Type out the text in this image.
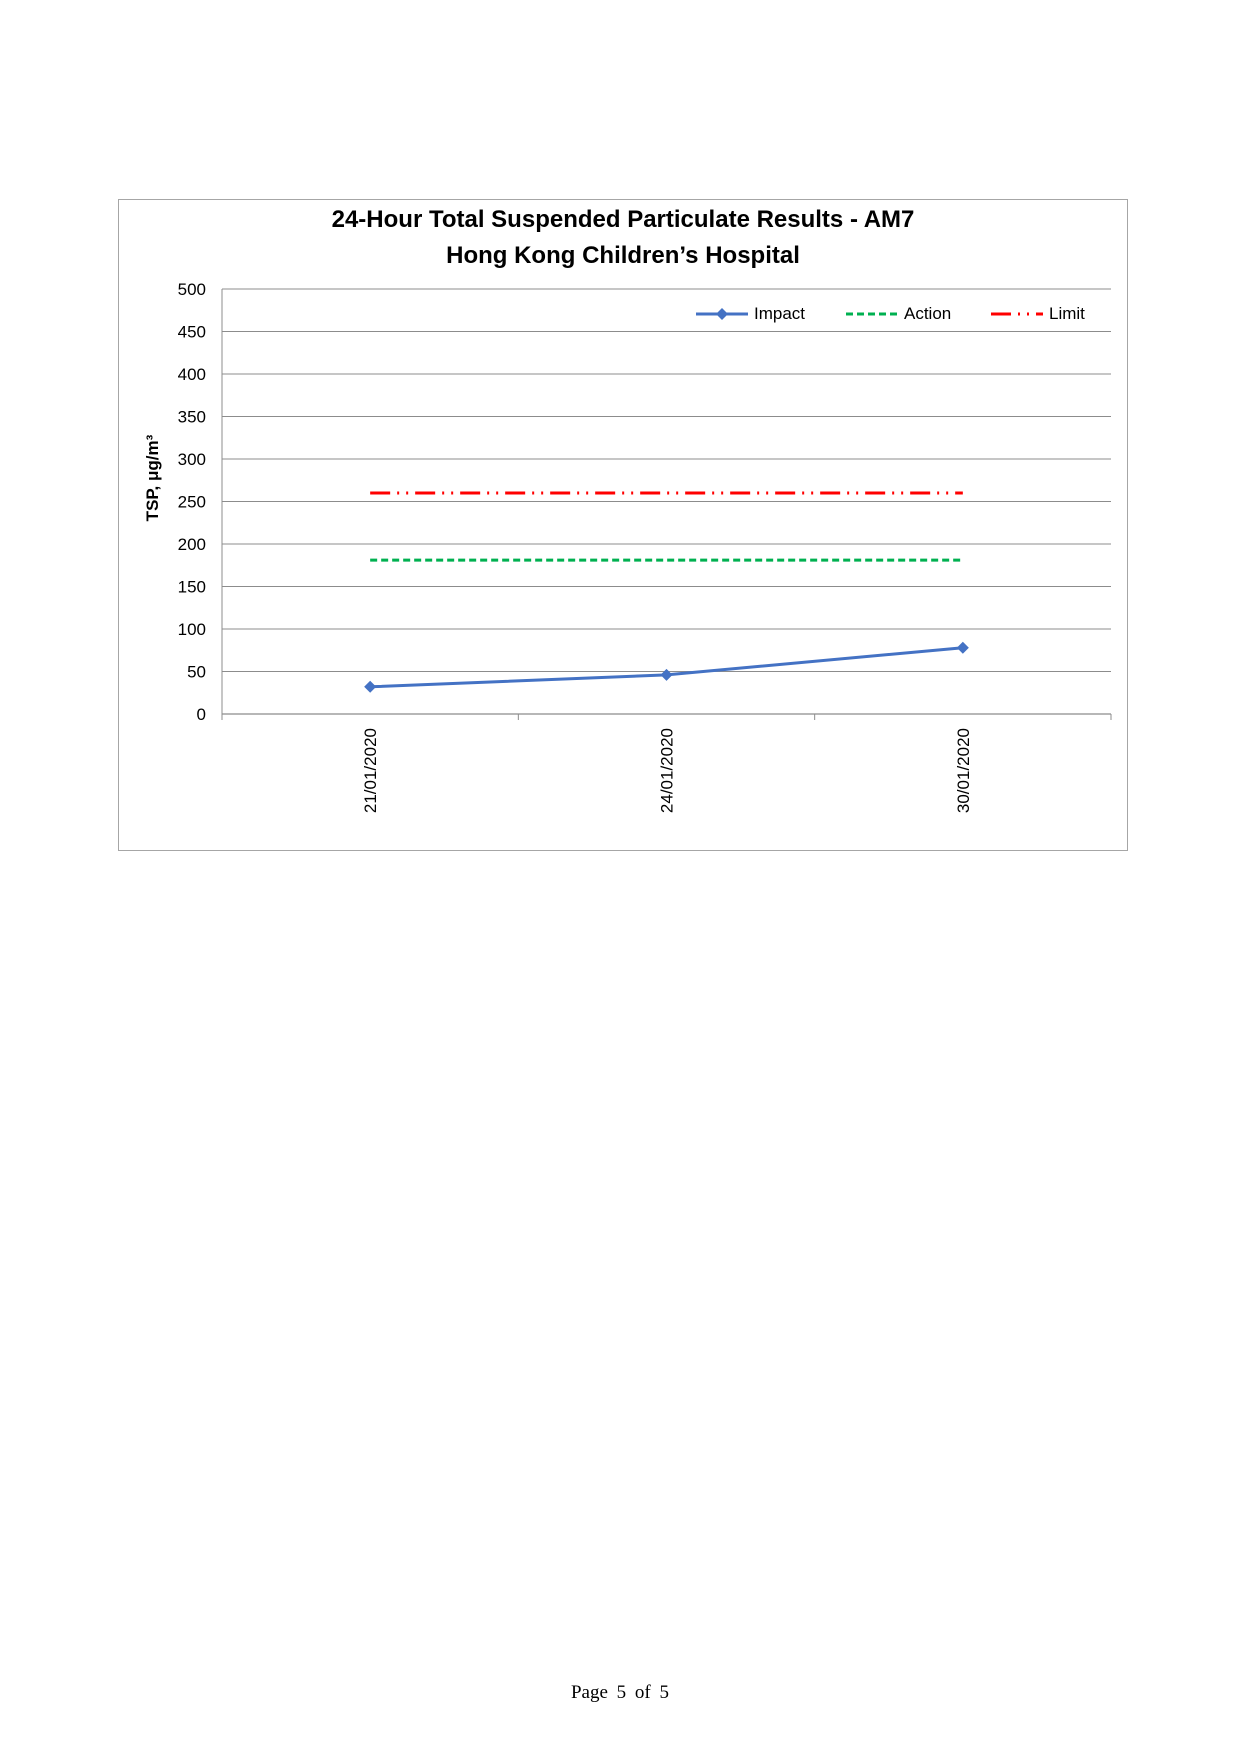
24-Hour Total Suspended Particulate Results - AM7
Hong Kong Children’s Hospital
TSP, μg/m³
0
50
100
150
200
250
300
350
400
450
500
21/01/2020	24/01/2020	30/01/2020
Impact	Action	Limit
Page 5 of 5
